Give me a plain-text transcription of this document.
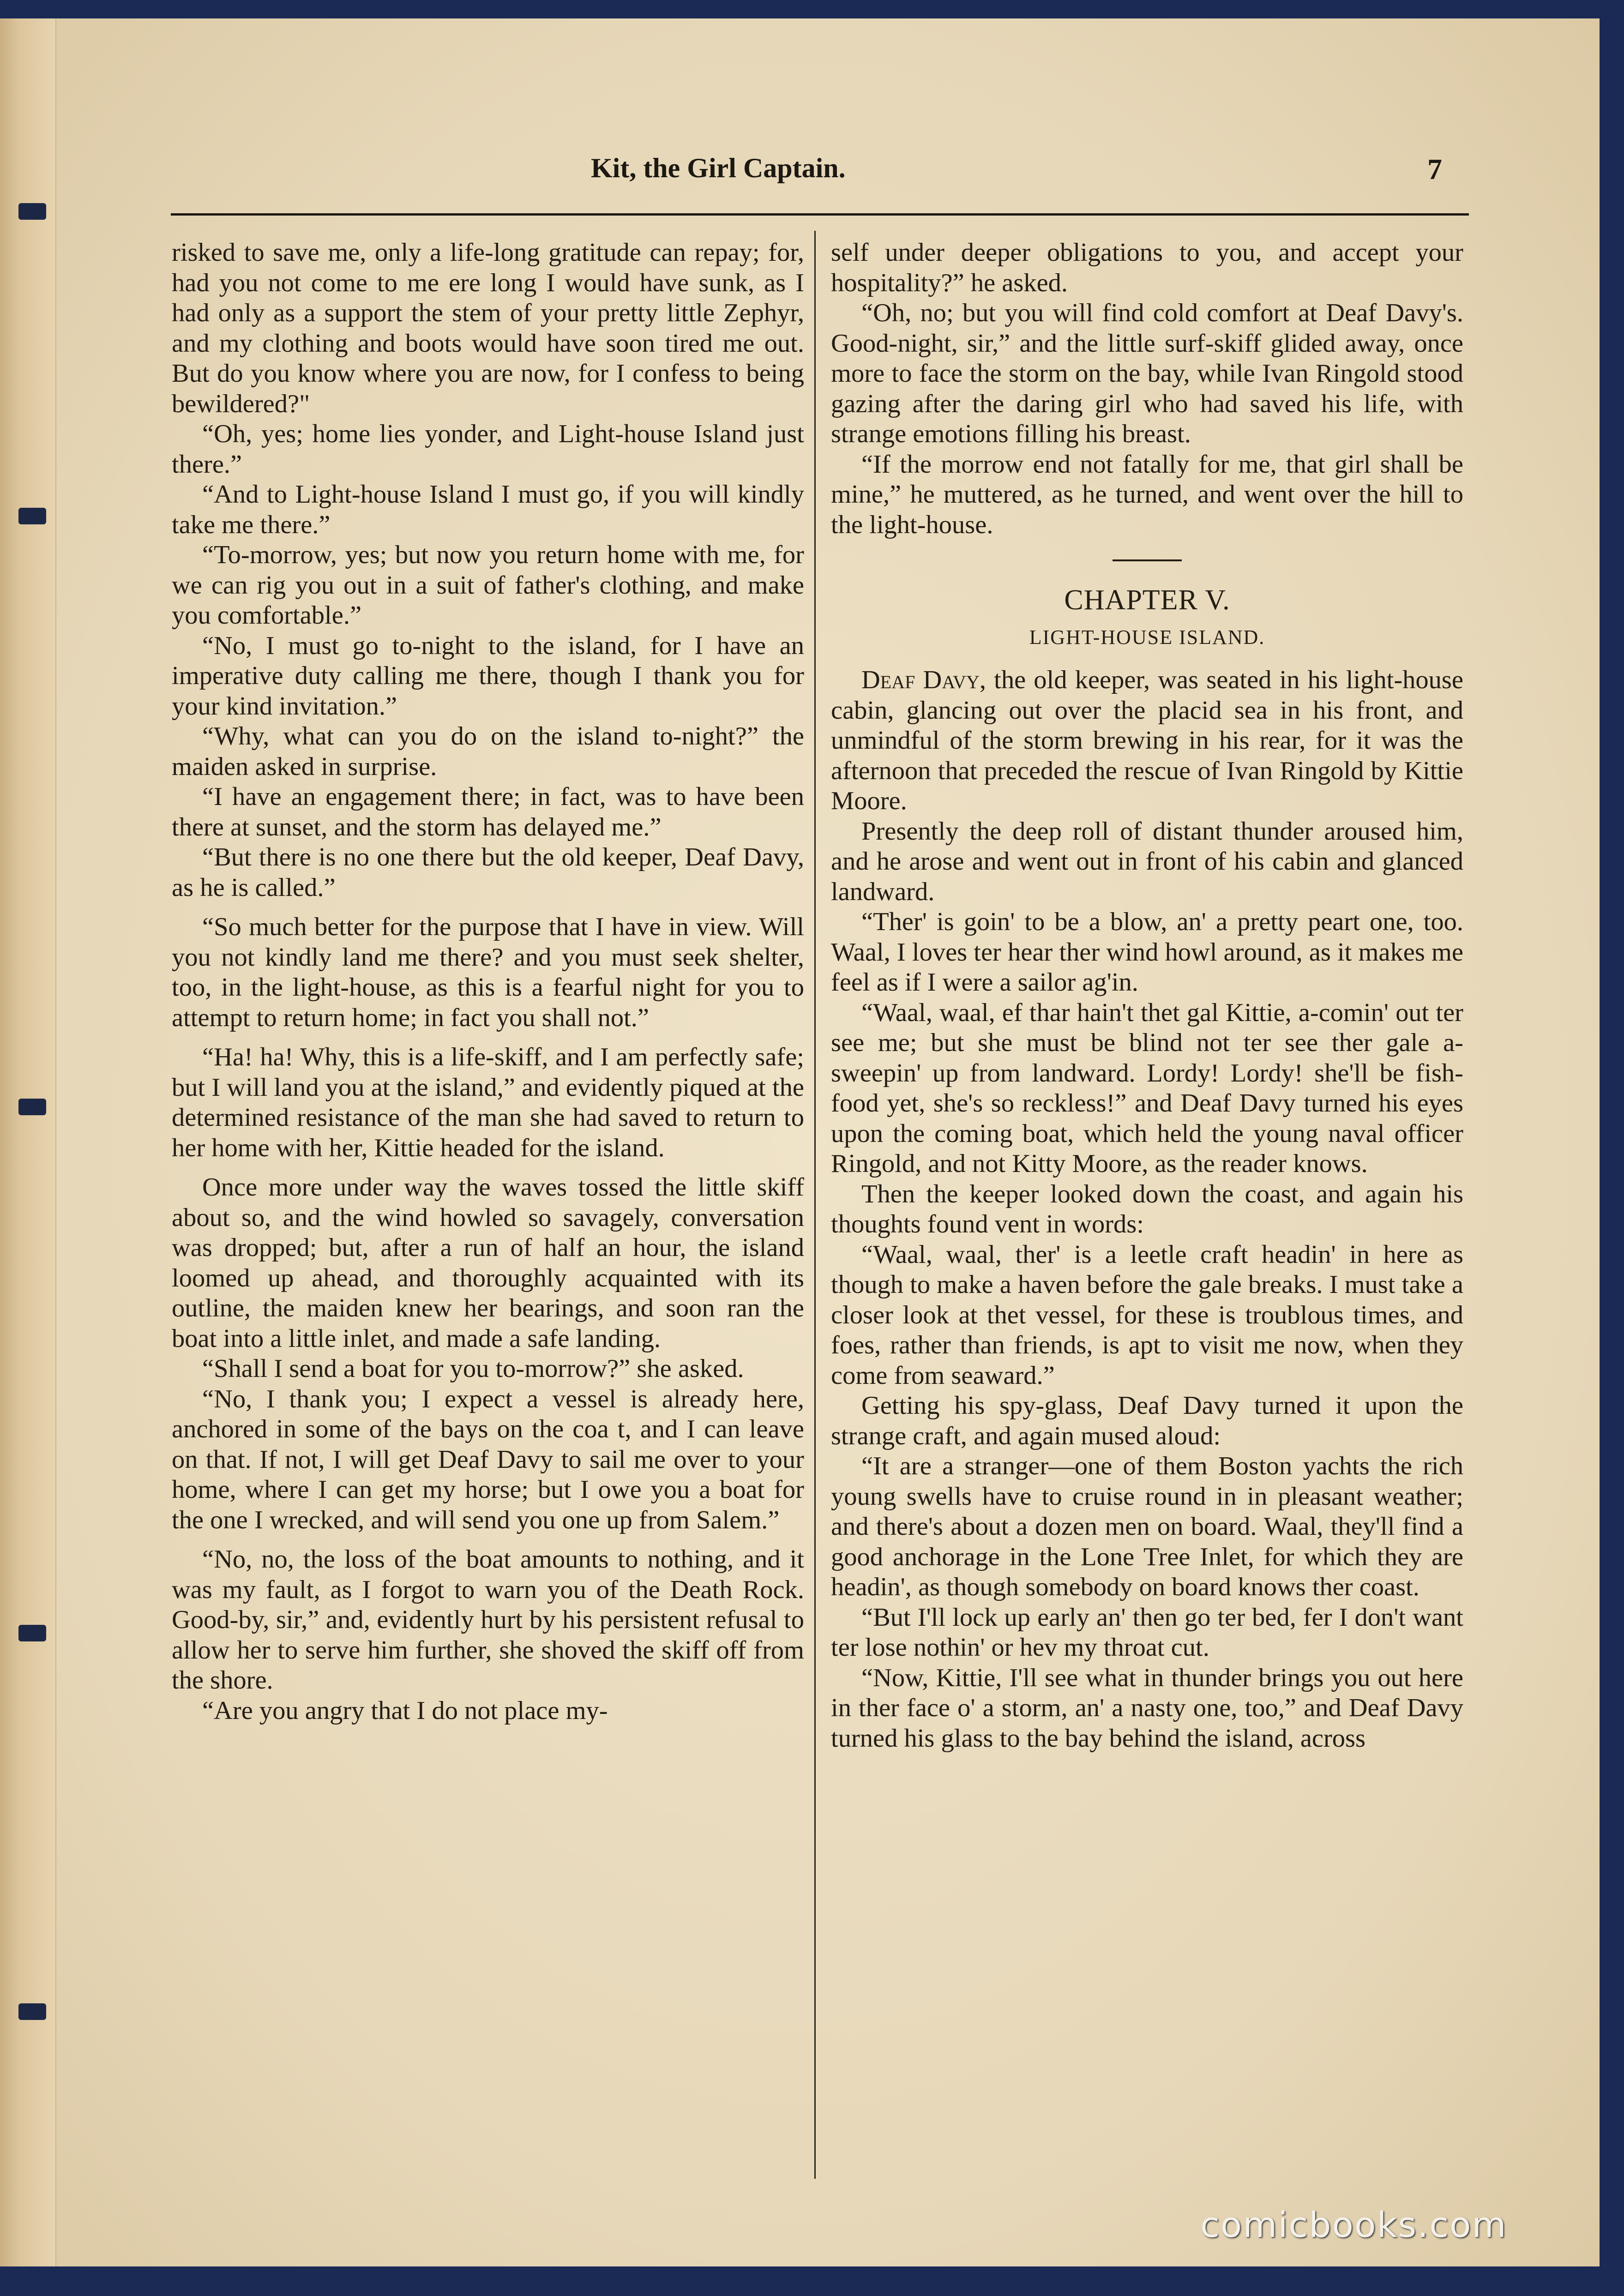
Kit, the Girl Captain.	7

risked to save me, only a life-long gratitude can repay; for, had you not come to me ere long I would have sunk, as I had only as a support the stem of your pretty little Zephyr, and my clothing and boots would have soon tired me out. But do you know where you are now, for I confess to being bewildered?"

“Oh, yes; home lies yonder, and Light-house Island just there.”

“And to Light-house Island I must go, if you will kindly take me there.”

“To-morrow, yes; but now you return home with me, for we can rig you out in a suit of father's clothing, and make you comfortable.”

“No, I must go to-night to the island, for I have an imperative duty calling me there, though I thank you for your kind invitation.”

“Why, what can you do on the island to-night?” the maiden asked in surprise.

“I have an engagement there; in fact, was to have been there at sunset, and the storm has delayed me.”

“But there is no one there but the old keeper, Deaf Davy, as he is called.”

“So much better for the purpose that I have in view. Will you not kindly land me there? and you must seek shelter, too, in the light-house, as this is a fearful night for you to attempt to return home; in fact you shall not.”

“Ha! ha! Why, this is a life-skiff, and I am perfectly safe; but I will land you at the island,” and evidently piqued at the determined resistance of the man she had saved to return to her home with her, Kittie headed for the island.

Once more under way the waves tossed the little skiff about so, and the wind howled so savagely, conversation was dropped; but, after a run of half an hour, the island loomed up ahead, and thoroughly acquainted with its outline, the maiden knew her bearings, and soon ran the boat into a little inlet, and made a safe landing.

“Shall I send a boat for you to-morrow?” she asked.

“No, I thank you; I expect a vessel is already here, anchored in some of the bays on the coa t, and I can leave on that. If not, I will get Deaf Davy to sail me over to your home, where I can get my horse; but I owe you a boat for the one I wrecked, and will send you one up from Salem.”

“No, no, the loss of the boat amounts to nothing, and it was my fault, as I forgot to warn you of the Death Rock. Good-by, sir,” and, evidently hurt by his persistent refusal to allow her to serve him further, she shoved the skiff off from the shore.

“Are you angry that I do not place my-

self under deeper obligations to you, and accept your hospitality?” he asked.

“Oh, no; but you will find cold comfort at Deaf Davy's. Good-night, sir,” and the little surf-skiff glided away, once more to face the storm on the bay, while Ivan Ringold stood gazing after the daring girl who had saved his life, with strange emotions filling his breast.

“If the morrow end not fatally for me, that girl shall be mine,” he muttered, as he turned, and went over the hill to the light-house.

CHAPTER V.

LIGHT-HOUSE ISLAND.

Deaf Davy, the old keeper, was seated in his light-house cabin, glancing out over the placid sea in his front, and unmindful of the storm brewing in his rear, for it was the afternoon that preceded the rescue of Ivan Ringold by Kittie Moore.

Presently the deep roll of distant thunder aroused him, and he arose and went out in front of his cabin and glanced landward.

“Ther' is goin' to be a blow, an' a pretty peart one, too. Waal, I loves ter hear ther wind howl around, as it makes me feel as if I were a sailor ag'in.

“Waal, waal, ef thar hain't thet gal Kittie, a-comin' out ter see me; but she must be blind not ter see ther gale a-sweepin' up from landward. Lordy! Lordy! she'll be fish-food yet, she's so reckless!” and Deaf Davy turned his eyes upon the coming boat, which held the young naval officer Ringold, and not Kitty Moore, as the reader knows.

Then the keeper looked down the coast, and again his thoughts found vent in words:

“Waal, waal, ther' is a leetle craft headin' in here as though to make a haven before the gale breaks. I must take a closer look at thet vessel, for these is troublous times, and foes, rather than friends, is apt to visit me now, when they come from seaward.”

Getting his spy-glass, Deaf Davy turned it upon the strange craft, and again mused aloud:

“It are a stranger—one of them Boston yachts the rich young swells have to cruise round in in pleasant weather; and there's about a dozen men on board. Waal, they'll find a good anchorage in the Lone Tree Inlet, for which they are headin', as though somebody on board knows ther coast.

“But I'll lock up early an' then go ter bed, fer I don't want ter lose nothin' or hev my throat cut.

“Now, Kittie, I'll see what in thunder brings you out here in ther face o' a storm, an' a nasty one, too,” and Deaf Davy turned his glass to the bay behind the island, across

comicbooks.com
